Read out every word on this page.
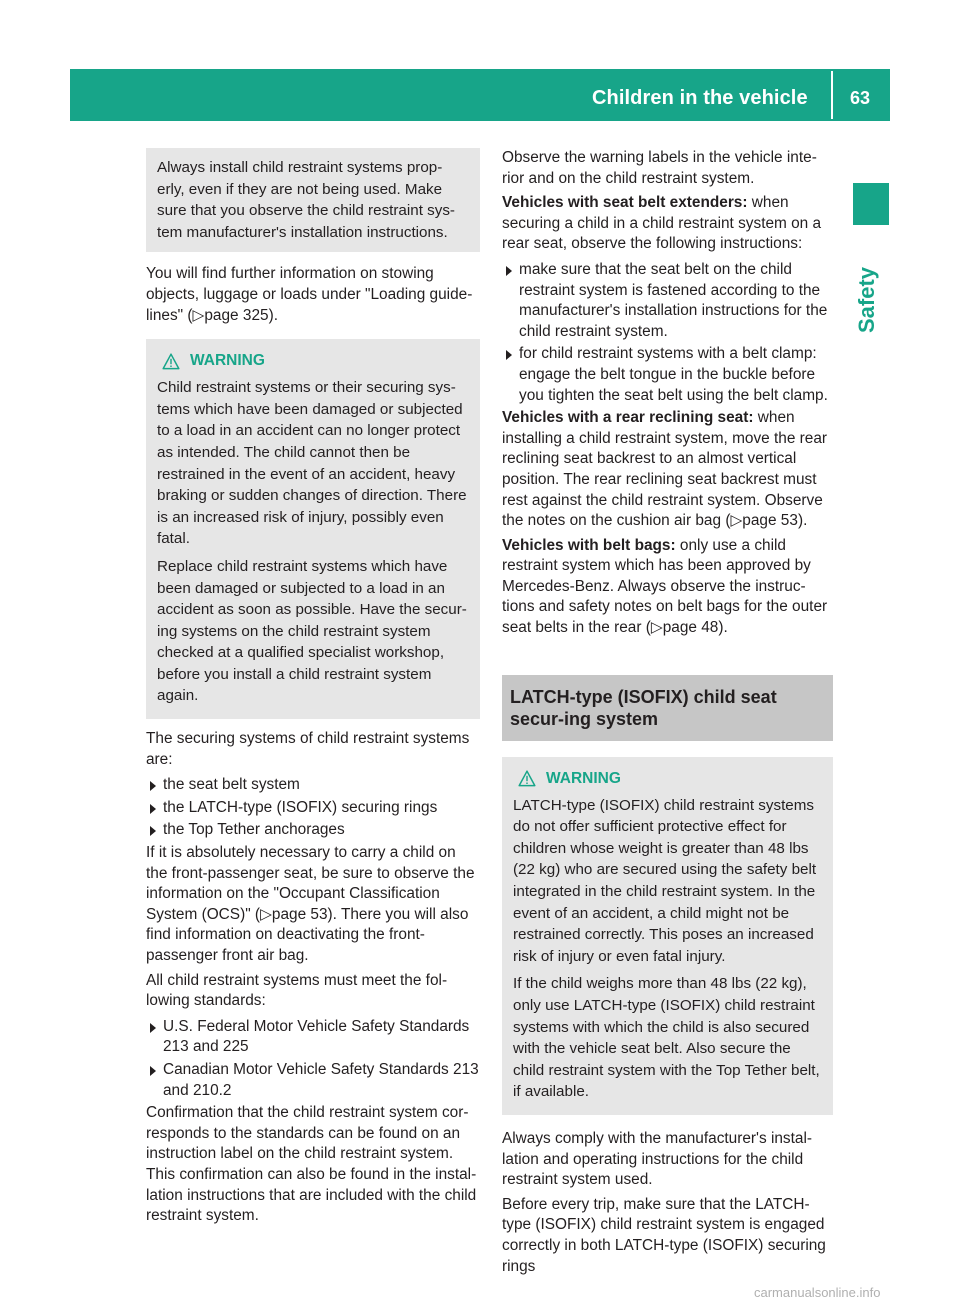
Children in the vehicle 63
Safety

Always install child restraint systems prop-
erly, even if they are not being used. Make
sure that you observe the child restraint sys-
tem manufacturer's installation instructions.

You will find further information on stowing objects, luggage or loads under "Loading guide-lines" (▷page 325).

WARNING

Child restraint systems or their securing sys-tems which have been damaged or subjected to a load in an accident can no longer protect as intended. The child cannot then be restrained in the event of an accident, heavy braking or sudden changes of direction. There is an increased risk of injury, possibly even fatal.

Replace child restraint systems which have been damaged or subjected to a load in an accident as soon as possible. Have the secur-ing systems on the child restraint system checked at a qualified specialist workshop, before you install a child restraint system again.

The securing systems of child restraint systems are:

the seat belt system
the LATCH-type (ISOFIX) securing rings
the Top Tether anchorages

If it is absolutely necessary to carry a child on the front-passenger seat, be sure to observe the information on the "Occupant Classification System (OCS)" (▷page 53). There you will also find information on deactivating the front-passenger front air bag.

All child restraint systems must meet the fol-lowing standards:

U.S. Federal Motor Vehicle Safety Standards 213 and 225
Canadian Motor Vehicle Safety Standards 213 and 210.2

Confirmation that the child restraint system cor-responds to the standards can be found on an instruction label on the child restraint system. This confirmation can also be found in the instal-lation instructions that are included with the child restraint system.

Observe the warning labels in the vehicle inte-rior and on the child restraint system.

Vehicles with seat belt extenders: when securing a child in a child restraint system on a rear seat, observe the following instructions:

make sure that the seat belt on the child restraint system is fastened according to the manufacturer's installation instructions for the child restraint system.
for child restraint systems with a belt clamp: engage the belt tongue in the buckle before you tighten the seat belt using the belt clamp.

Vehicles with a rear reclining seat: when installing a child restraint system, move the rear reclining seat backrest to an almost vertical position. The rear reclining seat backrest must rest against the child restraint system. Observe the notes on the cushion air bag (▷page 53).

Vehicles with belt bags: only use a child restraint system which has been approved by Mercedes-Benz. Always observe the instruc-tions and safety notes on belt bags for the outer seat belts in the rear (▷page 48).

LATCH-type (ISOFIX) child seat secur-ing system
WARNING

LATCH-type (ISOFIX) child restraint systems do not offer sufficient protective effect for children whose weight is greater than 48 lbs (22 kg) who are secured using the safety belt integrated in the child restraint system. In the event of an accident, a child might not be restrained correctly. This poses an increased risk of injury or even fatal injury.

If the child weighs more than 48 lbs (22 kg), only use LATCH-type (ISOFIX) child restraint systems with which the child is also secured with the vehicle seat belt. Also secure the child restraint system with the Top Tether belt, if available.

Always comply with the manufacturer's instal-lation and operating instructions for the child restraint system used.

Before every trip, make sure that the LATCH-type (ISOFIX) child restraint system is engaged correctly in both LATCH-type (ISOFIX) securing rings

carmanualsonline.info
